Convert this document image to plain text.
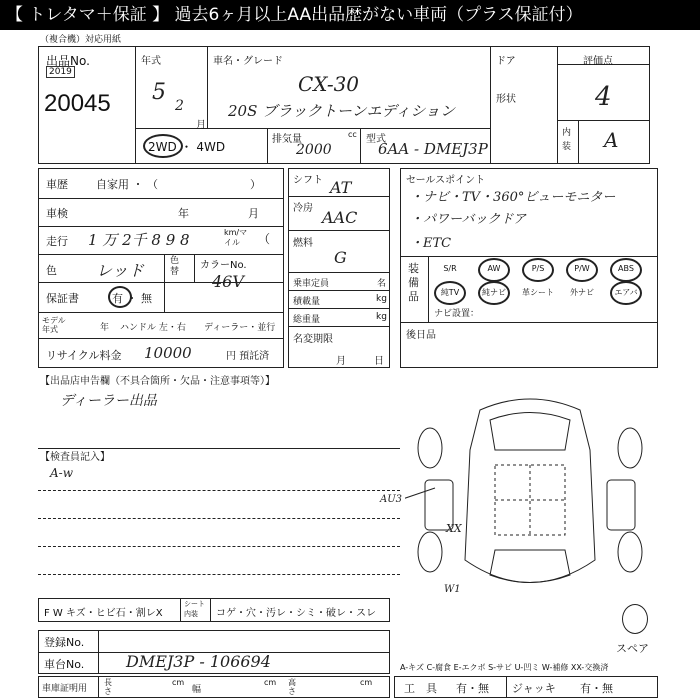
【 トレタマ＋保証 】 過去6ヶ月以上AA出品歴がない車両（プラス保証付）
（複合機）対応用紙
出品No.
2019
20045
年式
5
2
月
車名・グレード
CX-30
20S ブラックトーンエディション
ドア
形状
2WD ・ 4WD
排気量	cc
2000
型式
6AA - DMEJ3P
評価点
4
内装 A
車歴	自家用 ・ （	）
車検	年	月
走行 1 万 2千 8 9 8	km/マイル	（
色 レッド	色替
カラーNo.
46V
保証書	有 ・ 無
モデル年式	年 ハンドル 左・右 ディーラー・並行
リサイクル料金 10000	円 預託済
シフト AT
冷房 AAC
燃料
G
乗車定員	名
積載量	kg
総重量	kg
名変期限
月	日
セールスポイント
・ナビ・TV・360°ビューモニター
・パワーバックドア
・ETC
装備品
S/R	AW	P/S	P/W	ABS
純TV	純ナビ	革シート	外ナビ	エアバ
ナビ設置：
後日品
【出品店申告欄（不具合箇所・欠品・注意事項等）】
ディーラー出品
【検査員記入】
A-w
AU3
XX
W1
スペア
F W キズ・ヒビ石・割レX
シート内装	コゲ・穴・汚レ・シミ・破レ・スレ
登録No.
車台No.	DMEJ3P - 106694	A-キズ C-腐食 E-エクボ S-サビ U-凹ミ W-補修 XX-交換済
車庫証明用
長さ
cm
幅
cm 高さ
cm	工　具 有・無 ジャッキ 有・無
